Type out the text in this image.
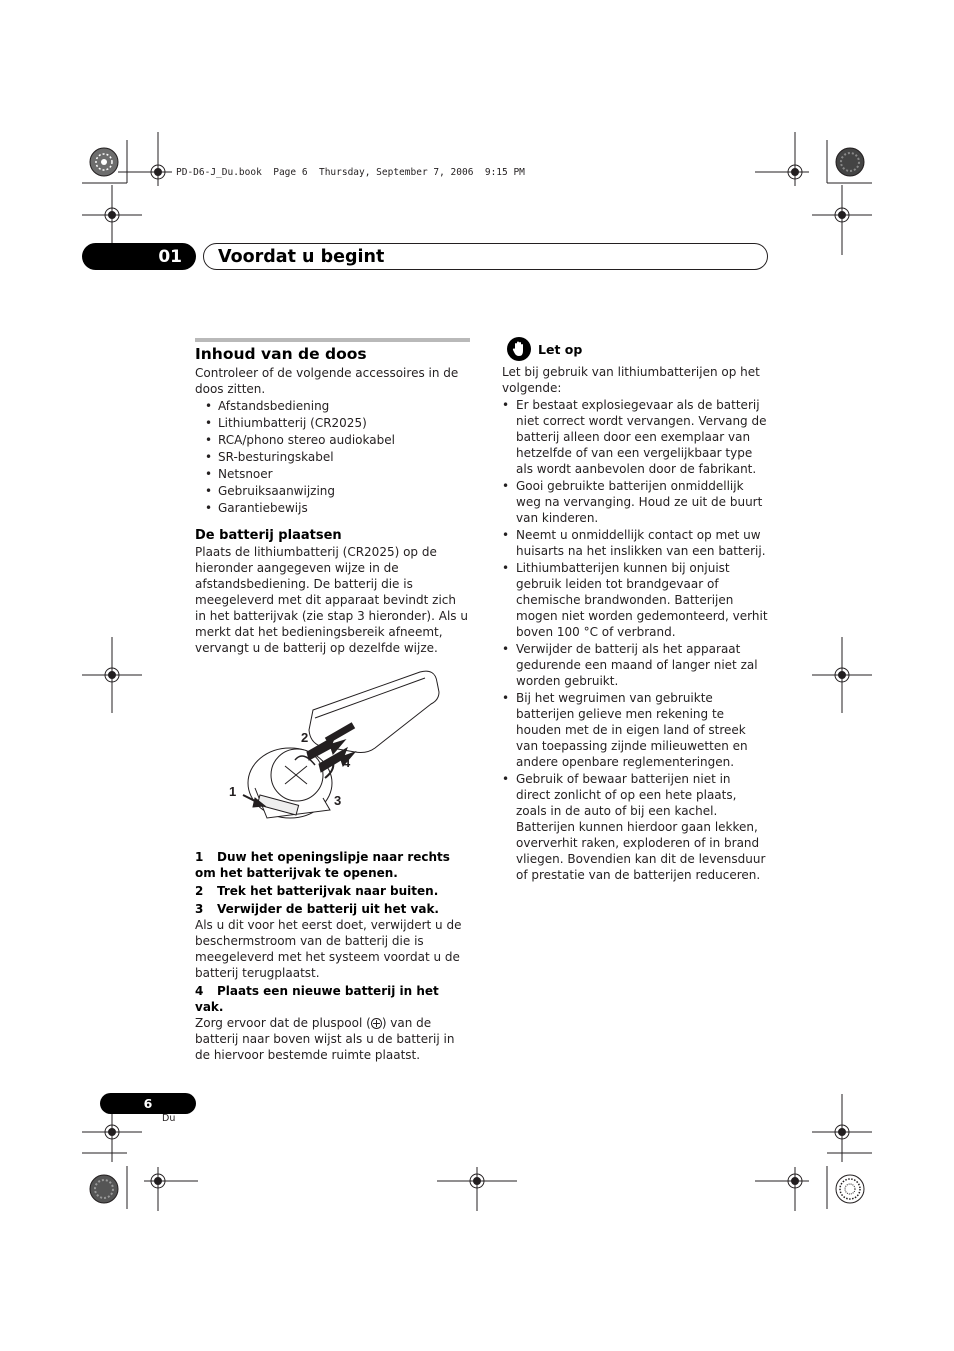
PD-D6-J_Du.book  Page 6  Thursday, September 7, 2006  9:15 PM
01	Voordat u begint
Inhoud van de doos

Controleer of de volgende accessoires in de doos zitten.

• Afstandsbediening
• Lithiumbatterij (CR2025)
• RCA/phono stereo audiokabel
• SR-besturingskabel
• Netsnoer
• Gebruiksaanwijzing
• Garantiebewijs
De batterij plaatsen

Plaats de lithiumbatterij (CR2025) op de hieronder aangegeven wijze in de afstandsbediening. De batterij die is meegeleverd met dit apparaat bevindt zich in het batterijvak (zie stap 3 hieronder). Als u merkt dat het bedieningsbereik afneemt, vervangt u de batterij op dezelfde wijze.

2
4
1
3
1 Duw het openingslipje naar rechts om het batterijvak te openen.
2 Trek het batterijvak naar buiten.
3 Verwijder de batterij uit het vak.

Als u dit voor het eerst doet, verwijdert u de beschermstroom van de batterij die is meegeleverd met het systeem voordat u de batterij terugplaatst.

4 Plaats een nieuwe batterij in het vak.

Zorg ervoor dat de pluspool ( ) van de batterij naar boven wijst als u de batterij in de hiervoor bestemde ruimte plaatst.

Let op

Let bij gebruik van lithiumbatterijen op het volgende:

• Er bestaat explosiegevaar als de batterij niet correct wordt vervangen. Vervang de batterij alleen door een exemplaar van hetzelfde of van een vergelijkbaar type als wordt aanbevolen door de fabrikant.
• Gooi gebruikte batterijen onmiddellijk weg na vervanging. Houd ze uit de buurt van kinderen.
• Neemt u onmiddellijk contact op met uw huisarts na het inslikken van een batterij.
• Lithiumbatterijen kunnen bij onjuist gebruik leiden tot brandgevaar of chemische brandwonden. Batterijen mogen niet worden gedemonteerd, verhit boven 100 °C of verbrand.
• Verwijder de batterij als het apparaat gedurende een maand of langer niet zal worden gebruikt.
• Bij het wegruimen van gebruikte batterijen gelieve men rekening te houden met de in eigen land of streek van toepassing zijnde milieuwetten en andere openbare reglementeringen.
• Gebruik of bewaar batterijen niet in direct zonlicht of op een hete plaats, zoals in de auto of bij een kachel. Batterijen kunnen hierdoor gaan lekken, oververhit raken, exploderen of in brand vliegen. Bovendien kan dit de levensduur of prestatie van de batterijen reduceren.
6
Du
